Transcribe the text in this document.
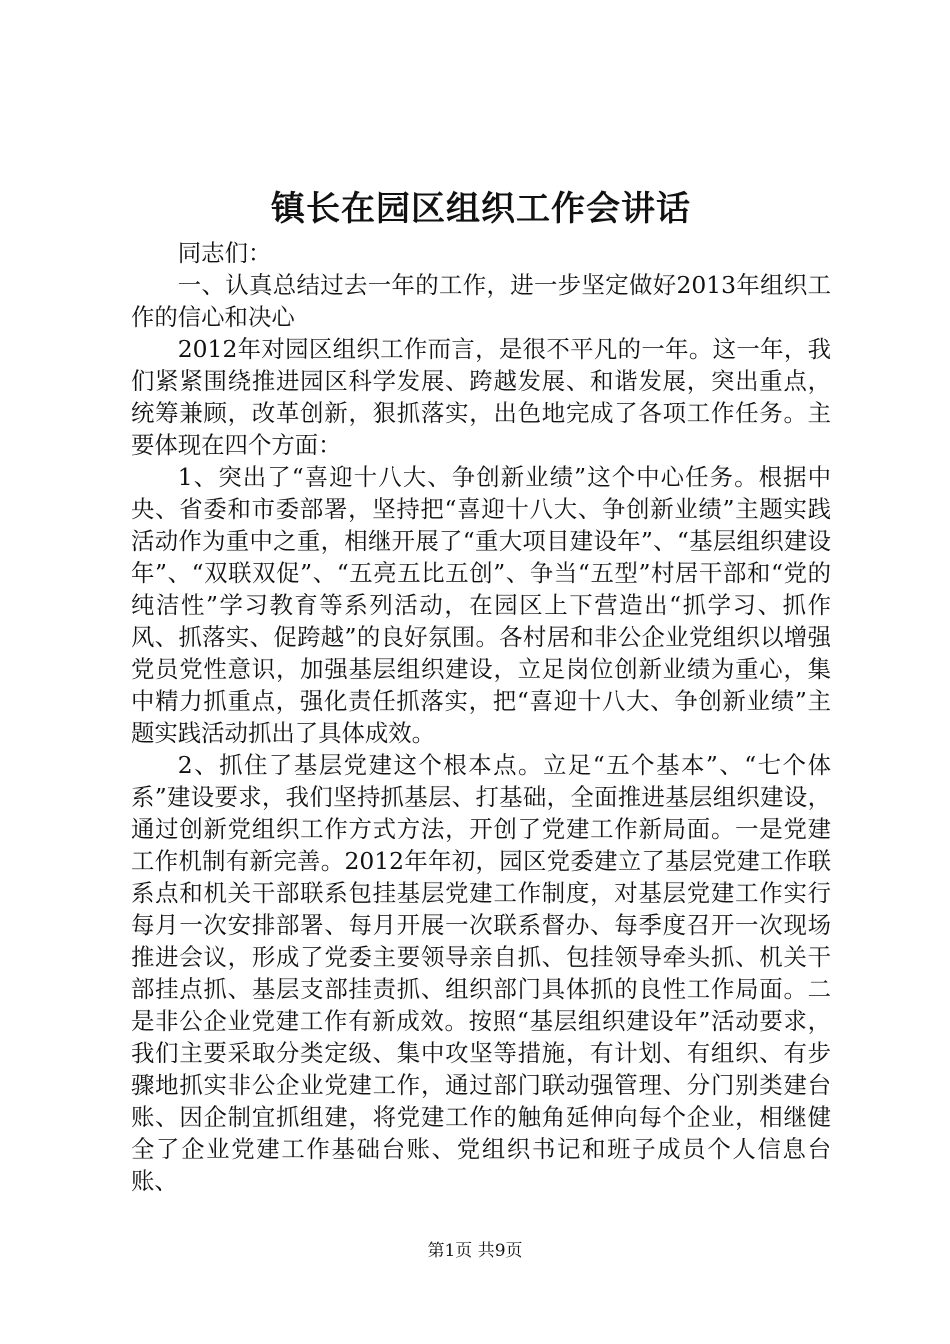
镇长在园区组织工作会讲话

同志们：

一、认真总结过去一年的工作，进一步坚定做好2013年组织工作的信心和决心

2012年对园区组织工作而言，是很不平凡的一年。这一年，我们紧紧围绕推进园区科学发展、跨越发展、和谐发展，突出重点，统筹兼顾，改革创新，狠抓落实，出色地完成了各项工作任务。主要体现在四个方面：

1、突出了“喜迎十八大、争创新业绩”这个中心任务。根据中央、省委和市委部署，坚持把“喜迎十八大、争创新业绩”主题实践活动作为重中之重，相继开展了“重大项目建设年”、“基层组织建设年”、“双联双促”、“五亮五比五创”、争当“五型”村居干部和“党的纯洁性”学习教育等系列活动，在园区上下营造出“抓学习、抓作风、抓落实、促跨越”的良好氛围。各村居和非公企业党组织以增强党员党性意识，加强基层组织建设，立足岗位创新业绩为重心，集中精力抓重点，强化责任抓落实，把“喜迎十八大、争创新业绩”主题实践活动抓出了具体成效。

2、抓住了基层党建这个根本点。立足“五个基本”、“七个体系”建设要求，我们坚持抓基层、打基础，全面推进基层组织建设，通过创新党组织工作方式方法，开创了党建工作新局面。一是党建工作机制有新完善。2012年年初，园区党委建立了基层党建工作联系点和机关干部联系包挂基层党建工作制度，对基层党建工作实行每月一次安排部署、每月开展一次联系督办、每季度召开一次现场推进会议，形成了党委主要领导亲自抓、包挂领导牵头抓、机关干部挂点抓、基层支部挂责抓、组织部门具体抓的良性工作局面。二是非公企业党建工作有新成效。按照“基层组织建设年”活动要求，我们主要采取分类定级、集中攻坚等措施，有计划、有组织、有步骤地抓实非公企业党建工作，通过部门联动强管理、分门别类建台账、因企制宜抓组建，将党建工作的触角延伸向每个企业，相继健全了企业党建工作基础台账、党组织书记和班子成员个人信息台账、

第1页 共9页
